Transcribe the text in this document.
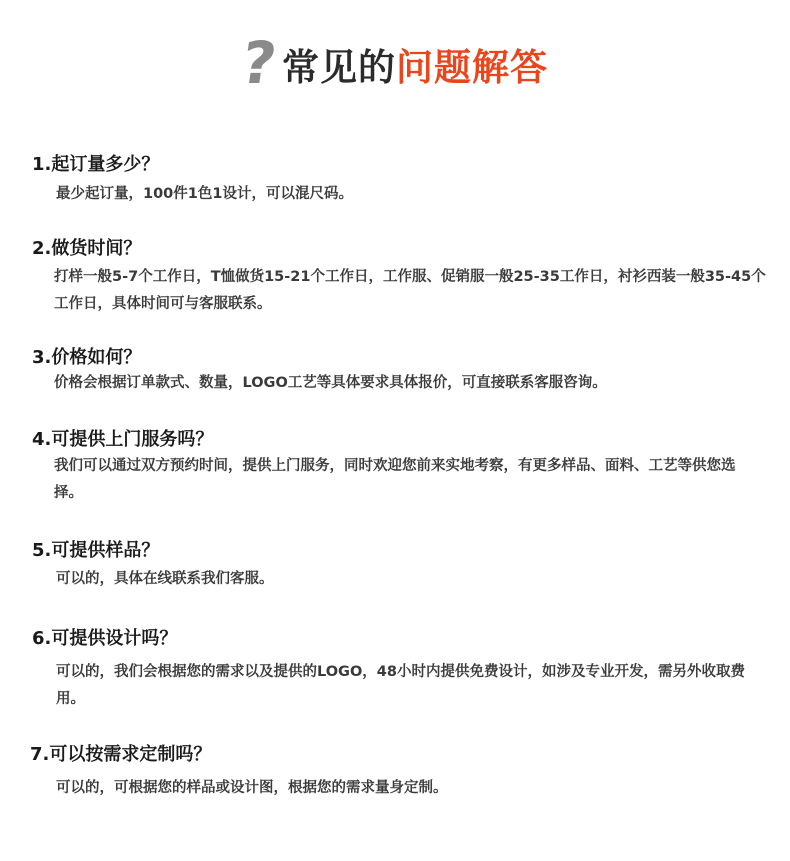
? 常见的 问题解答
1.起订量多少？
最少起订量，100件1色1设计，可以混尺码。
2.做货时间？
打样一般5-7个工作日，T恤做货15-21个工作日，工作服、促销服一般25-35工作日，衬衫西装一般35-45个工作日，具体时间可与客服联系。
3.价格如何？
价格会根据订单款式、数量，LOGO工艺等具体要求具体报价，可直接联系客服咨询。
4.可提供上门服务吗？
我们可以通过双方预约时间，提供上门服务，同时欢迎您前来实地考察，有更多样品、面料、工艺等供您选择。
5.可提供样品？
可以的，具体在线联系我们客服。
6.可提供设计吗？
可以的，我们会根据您的需求以及提供的LOGO，48小时内提供免费设计，如涉及专业开发，需另外收取费用。
7.可以按需求定制吗？
可以的，可根据您的样品或设计图，根据您的需求量身定制。
